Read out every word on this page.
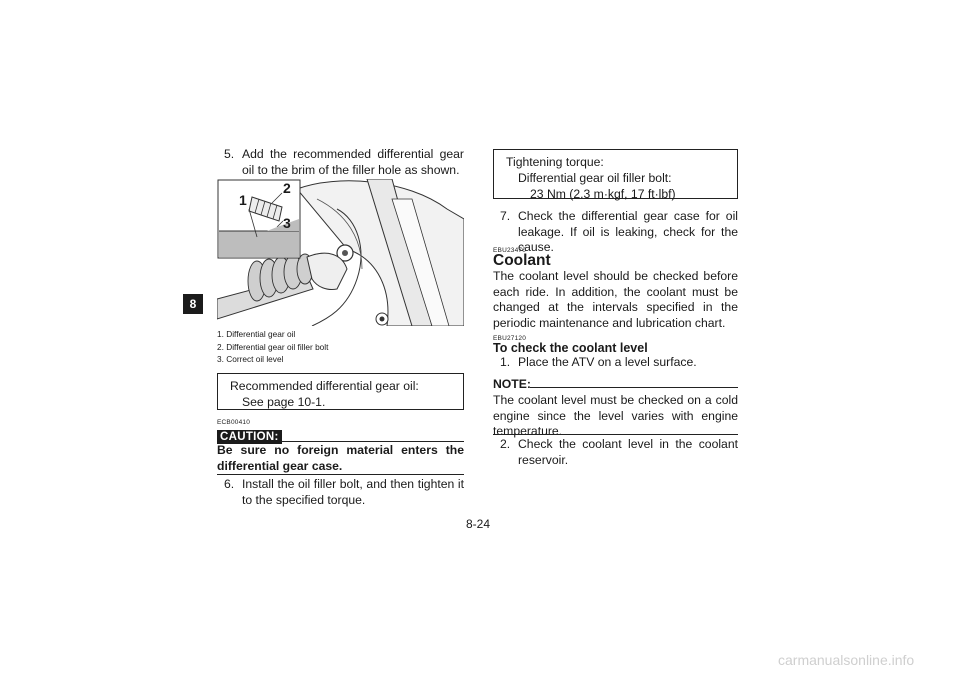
8
5. Add the recommended differential gear oil to the brim of the filler hole as shown.
1
2
3
1. Differential gear oil
2. Differential gear oil filler bolt
3. Correct oil level
Recommended differential gear oil:
See page 10-1.
ECB00410
CAUTION:
Be sure no foreign material enters the differential gear case.
6. Install the oil filler bolt, and then tighten it to the specified torque.
Tightening torque:
Differential gear oil filler bolt:
23 Nm (2.3 m·kgf, 17 ft·lbf)
7. Check the differential gear case for oil leakage. If oil is leaking, check for the cause.
EBU23470
Coolant
The coolant level should be checked before each ride. In addition, the coolant must be changed at the intervals specified in the periodic maintenance and lubrication chart.
EBU27120
To check the coolant level
1. Place the ATV on a level surface.
NOTE:
The coolant level must be checked on a cold engine since the level varies with engine temperature.
2. Check the coolant level in the coolant reservoir.
8-24
carmanualsonline.info
